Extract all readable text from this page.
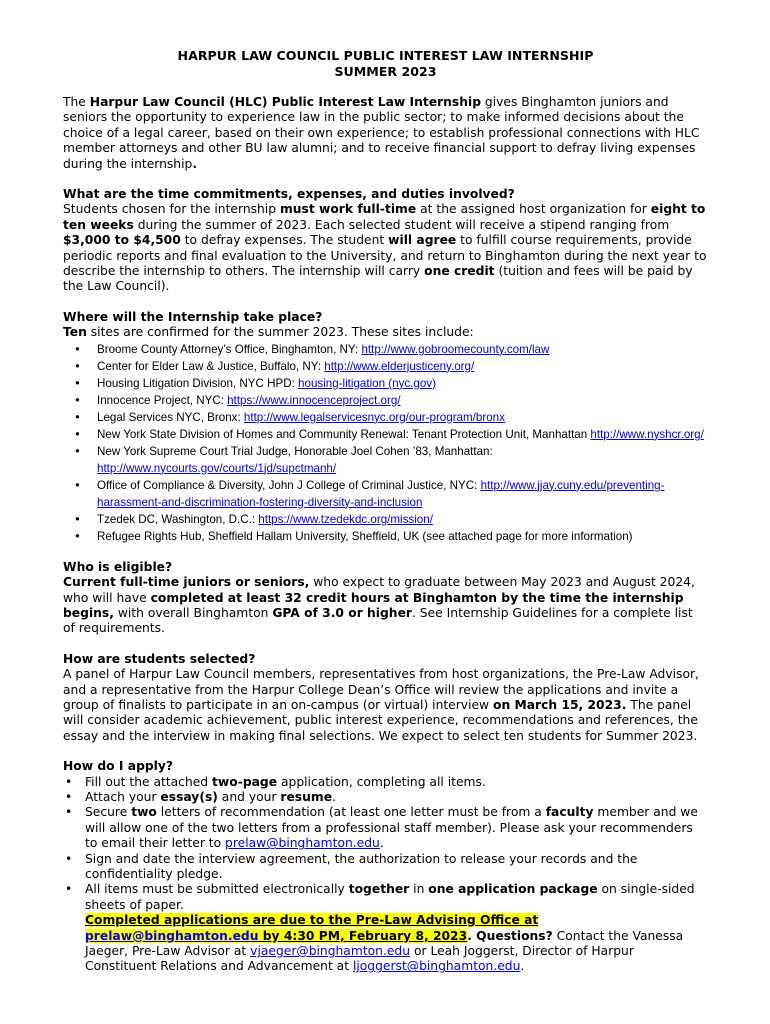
HARPUR LAW COUNCIL PUBLIC INTEREST LAW INTERNSHIP
SUMMER 2023

The Harpur Law Council (HLC) Public Interest Law Internship gives Binghamton juniors and seniors the opportunity to experience law in the public sector; to make informed decisions about the choice of a legal career, based on their own experience; to establish professional connections with HLC member attorneys and other BU law alumni; and to receive financial support to defray living expenses during the internship.

What are the time commitments, expenses, and duties involved?

Students chosen for the internship must work full-time at the assigned host organization for eight to ten weeks during the summer of 2023. Each selected student will receive a stipend ranging from $3,000 to $4,500 to defray expenses. The student will agree to fulfill course requirements, provide periodic reports and final evaluation to the University, and return to Binghamton during the next year to describe the internship to others. The internship will carry one credit (tuition and fees will be paid by the Law Council).

Where will the Internship take place?

Ten sites are confirmed for the summer 2023. These sites include:

• Broome County Attorney’s Office, Binghamton, NY: http://www.gobroomecounty.com/law
• Center for Elder Law & Justice, Buffalo, NY: http://www.elderjusticeny.org/
• Housing Litigation Division, NYC HPD: housing-litigation (nyc.gov)
• Innocence Project, NYC: https://www.innocenceproject.org/
• Legal Services NYC, Bronx: http://www.legalservicesnyc.org/our-program/bronx
• New York State Division of Homes and Community Renewal: Tenant Protection Unit, Manhattan http://www.nyshcr.org/
• New York Supreme Court Trial Judge, Honorable Joel Cohen ’83, Manhattan: http://www.nycourts.gov/courts/1jd/supctmanh/
• Office of Compliance & Diversity, John J College of Criminal Justice, NYC: http://www.jjay.cuny.edu/preventing-harassment-and-discrimination-fostering-diversity-and-inclusion
• Tzedek DC, Washington, D.C.: https://www.tzedekdc.org/mission/
• Refugee Rights Hub, Sheffield Hallam University, Sheffield, UK (see attached page for more information)

Who is eligible?

Current full-time juniors or seniors, who expect to graduate between May 2023 and August 2024, who will have completed at least 32 credit hours at Binghamton by the time the internship begins, with overall Binghamton GPA of 3.0 or higher. See Internship Guidelines for a complete list of requirements.

How are students selected?

A panel of Harpur Law Council members, representatives from host organizations, the Pre-Law Advisor, and a representative from the Harpur College Dean’s Office will review the applications and invite a group of finalists to participate in an on-campus (or virtual) interview on March 15, 2023. The panel will consider academic achievement, public interest experience, recommendations and references, the essay and the interview in making final selections. We expect to select ten students for Summer 2023.

How do I apply?

• Fill out the attached two-page application, completing all items.
• Attach your essay(s) and your resume.
• Secure two letters of recommendation (at least one letter must be from a faculty member and we will allow one of the two letters from a professional staff member). Please ask your recommenders to email their letter to prelaw@binghamton.edu.
• Sign and date the interview agreement, the authorization to release your records and the confidentiality pledge.
• All items must be submitted electronically together in one application package on single-sided sheets of paper.
Completed applications are due to the Pre-Law Advising Office at prelaw@binghamton.edu by 4:30 PM, February 8, 2023. Questions? Contact the Vanessa Jaeger, Pre-Law Advisor at vjaeger@binghamton.edu or Leah Joggerst, Director of Harpur Constituent Relations and Advancement at ljoggerst@binghamton.edu.
